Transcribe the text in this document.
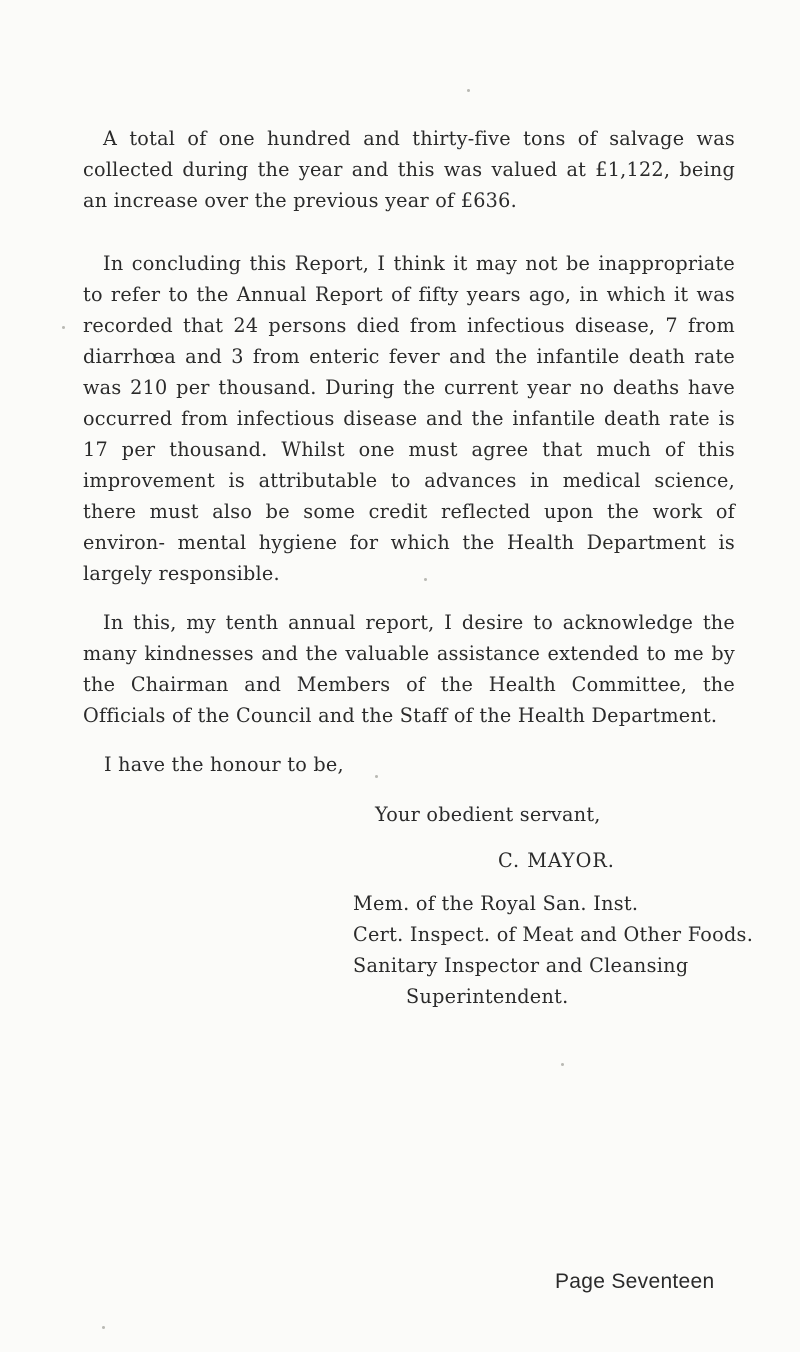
A total of one hundred and thirty-five tons of salvage was collected during the year and this was valued at £1,122, being an increase over the previous year of £636.

In concluding this Report, I think it may not be inappropriate to refer to the Annual Report of fifty years ago, in which it was recorded that 24 persons died from infectious disease, 7 from diarrhœa and 3 from enteric fever and the infantile death rate was 210 per thousand. During the current year no deaths have occurred from infectious disease and the infantile death rate is 17 per thousand. Whilst one must agree that much of this improvement is attributable to advances in medical science, there must also be some credit reflected upon the work of environ- mental hygiene for which the Health Department is largely responsible.

In this, my tenth annual report, I desire to acknowledge the many kindnesses and the valuable assistance extended to me by the Chairman and Members of the Health Committee, the Officials of the Council and the Staff of the Health Department.

I have the honour to be,

Your obedient servant,

C. MAYOR.

Mem. of the Royal San. Inst.
Cert. Inspect. of Meat and Other Foods.
Sanitary Inspector and Cleansing
Superintendent.

Page Seventeen
